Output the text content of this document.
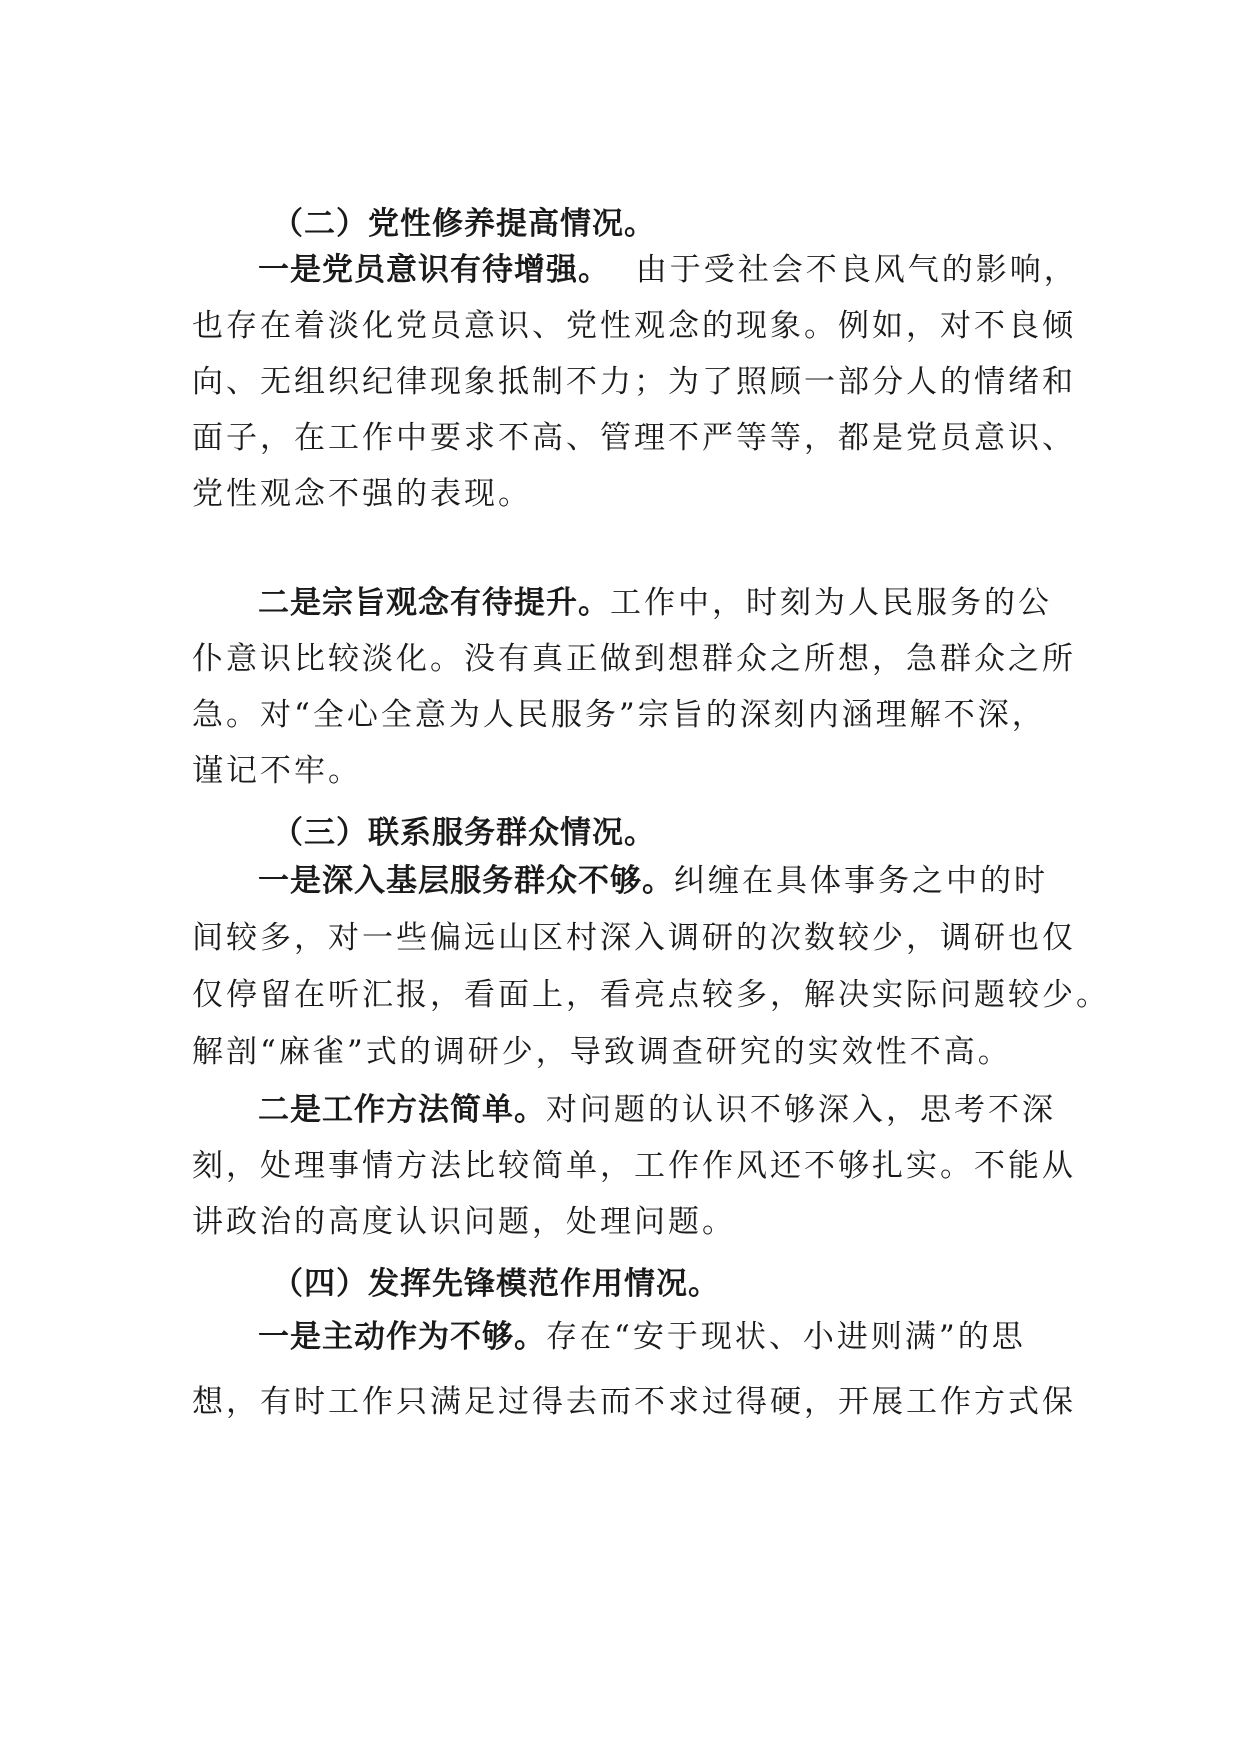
（二）党性修养提高情况。
一是党员意识有待增强。  由于受社会不良风气的影响，
也存在着淡化党员意识、党性观念的现象。例如，对不良倾
向、无组织纪律现象抵制不力；为了照顾一部分人的情绪和
面子，在工作中要求不高、管理不严等等，都是党员意识、
党性观念不强的表现。
二是宗旨观念有待提升。工作中，时刻为人民服务的公
仆意识比较淡化。没有真正做到想群众之所想，急群众之所
急。对“全心全意为人民服务”宗旨的深刻内涵理解不深，
谨记不牢。
（三）联系服务群众情况。
一是深入基层服务群众不够。纠缠在具体事务之中的时
间较多，对一些偏远山区村深入调研的次数较少，调研也仅
仅停留在听汇报，看面上，看亮点较多，解决实际问题较少。
解剖“麻雀”式的调研少，导致调查研究的实效性不高。
二是工作方法简单。对问题的认识不够深入，思考不深
刻，处理事情方法比较简单，工作作风还不够扎实。不能从
讲政治的高度认识问题，处理问题。
（四）发挥先锋模范作用情况。
一是主动作为不够。存在“安于现状、小进则满”的思
想，有时工作只满足过得去而不求过得硬，开展工作方式保
